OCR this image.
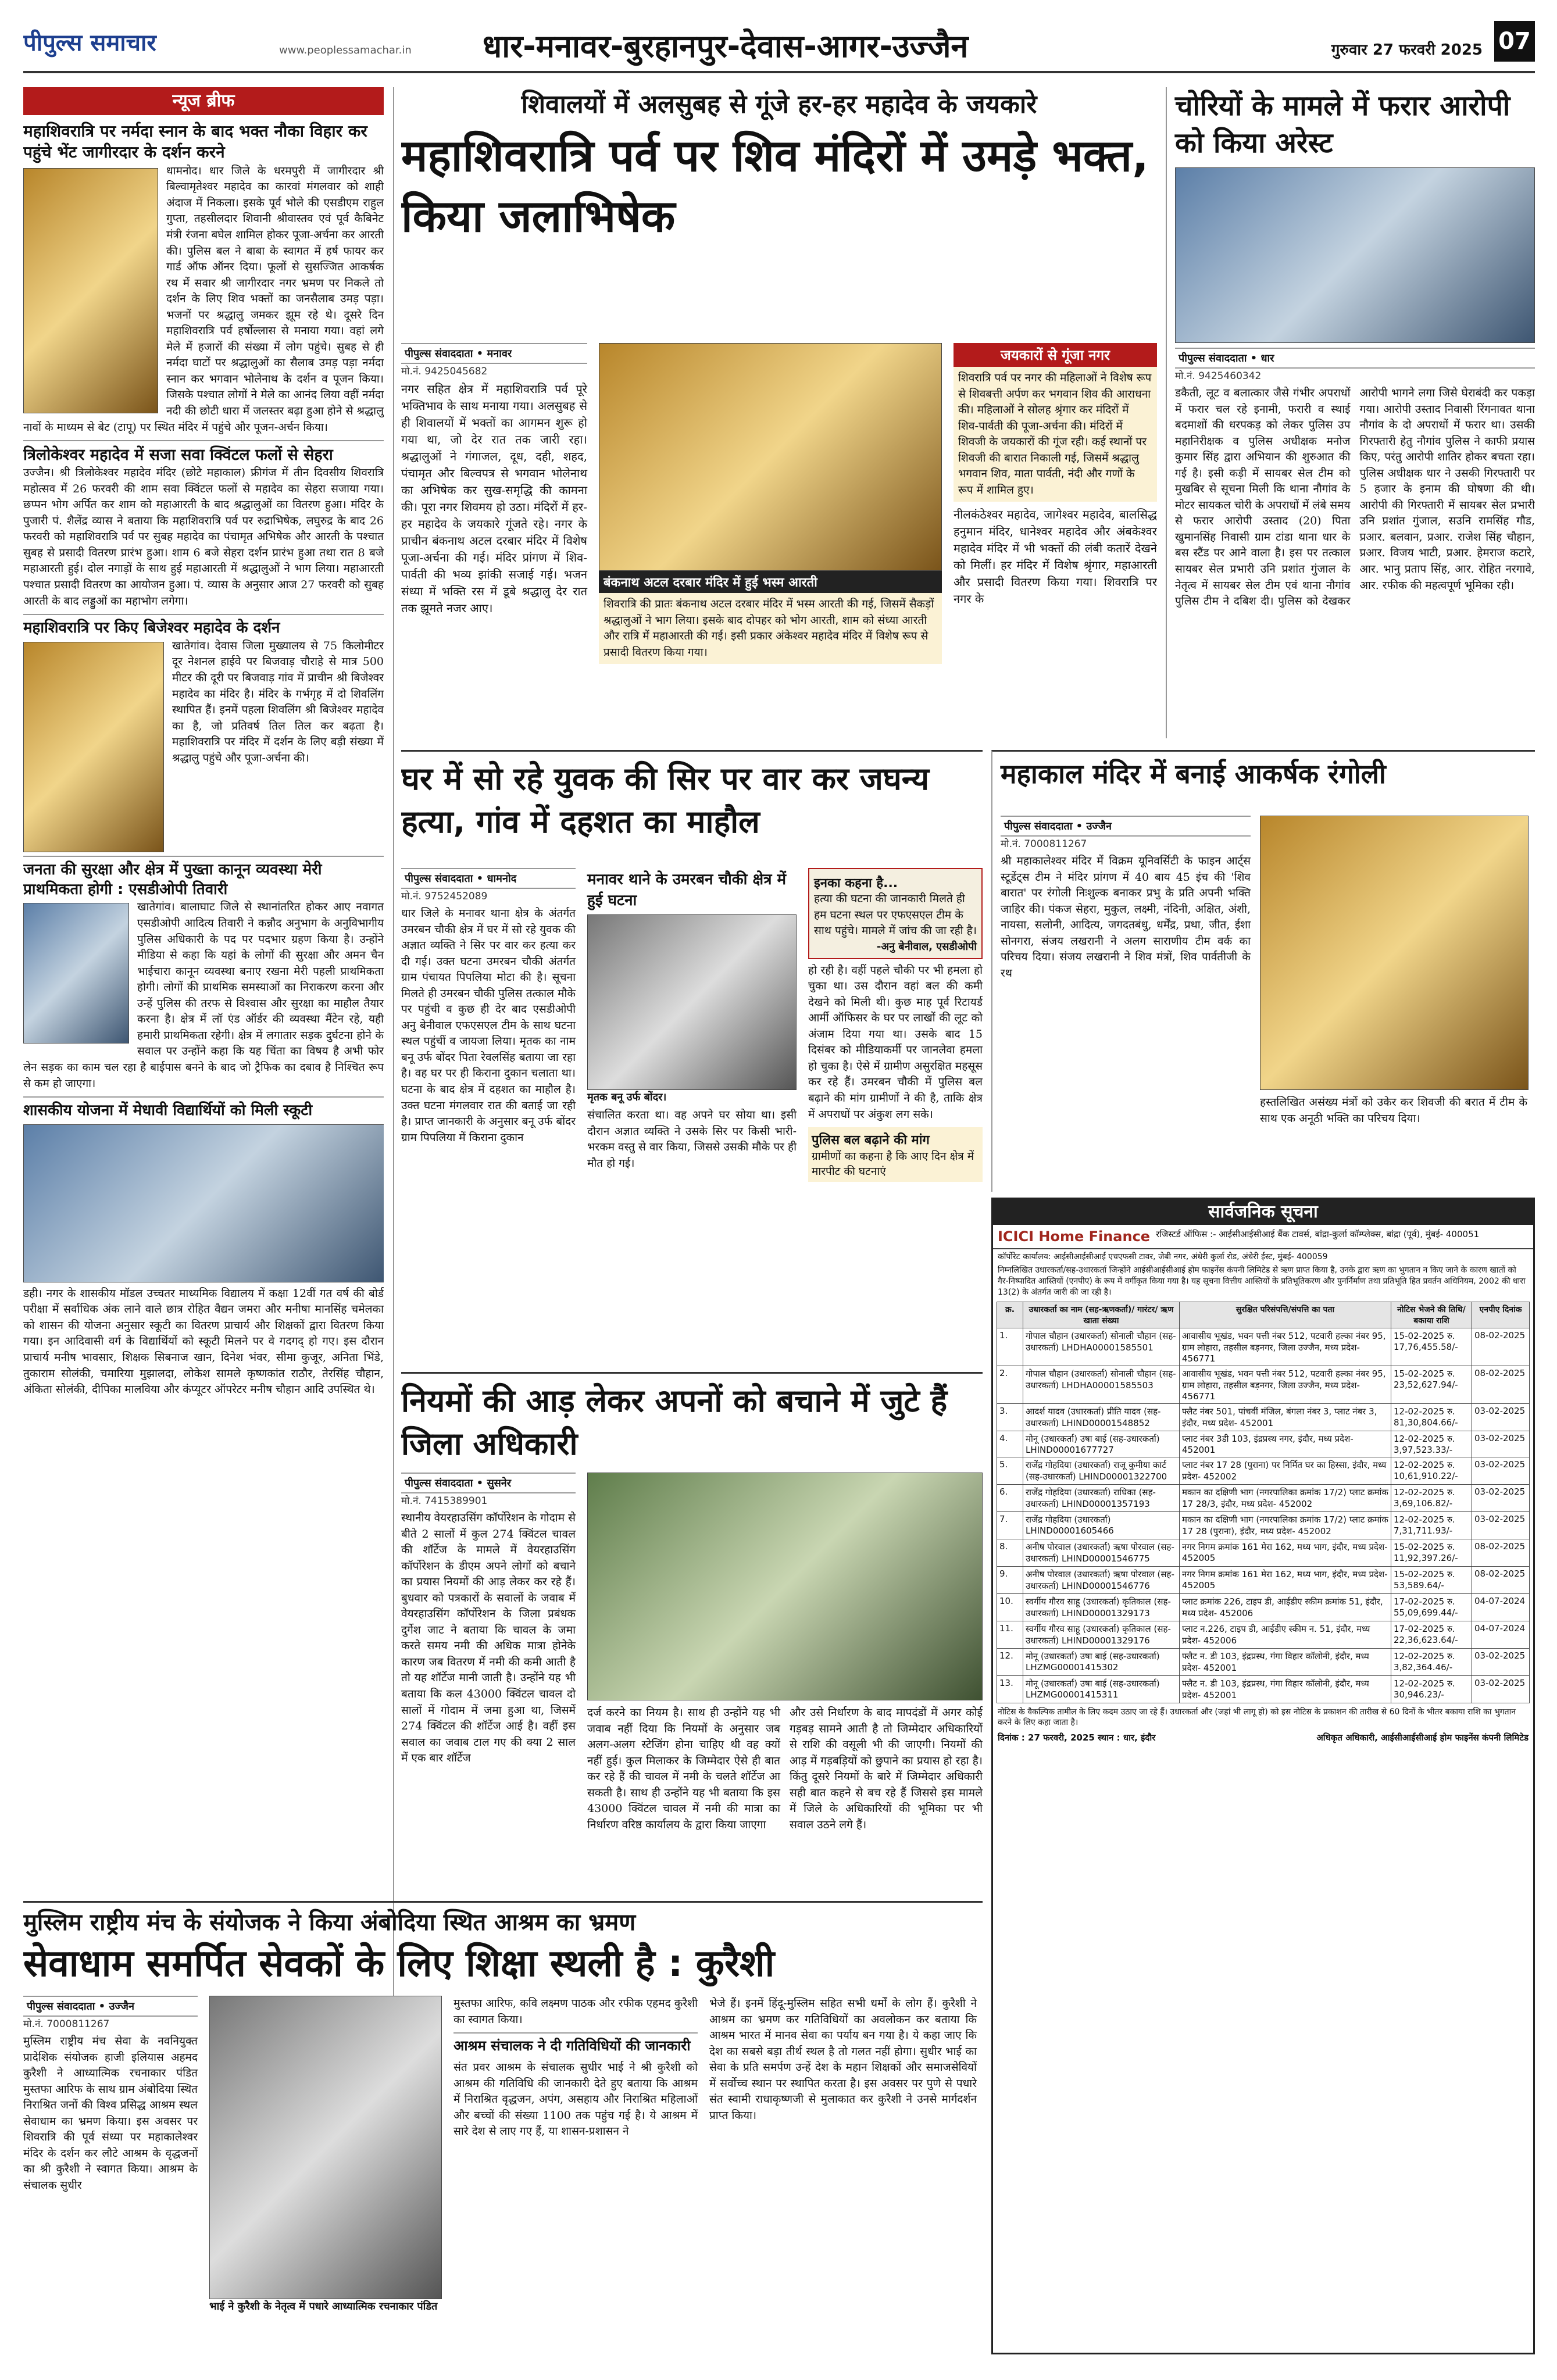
पीपुल्स समाचार	www.peoplessamachar.in धार-मनावर-बुरहानपुर-देवास-आगर-उज्जैन	गुरुवार 27 फरवरी 2025 07
न्यूज ब्रीफ
महाशिवरात्रि पर नर्मदा स्नान के बाद भक्त नौका विहार कर पहुंचे भेंट जागीरदार के दर्शन करने
धामनोद। धार जिले के धरमपुरी में जागीरदार श्री बिल्वामृतेश्वर महादेव का कारवां मंगलवार को शाही अंदाज में निकला। इसके पूर्व भोले की एसडीएम राहुल गुप्ता, तहसीलदार शिवानी श्रीवास्तव एवं पूर्व कैबिनेट मंत्री रंजना बघेल शामिल होकर पूजा-अर्चना कर आरती की। पुलिस बल ने बाबा के स्वागत में हर्ष फायर कर गार्ड ऑफ ऑनर दिया। फूलों से सुसज्जित आकर्षक रथ में सवार श्री जागीरदार नगर भ्रमण पर निकले तो दर्शन के लिए शिव भक्तों का जनसैलाब उमड़ पड़ा। भजनों पर श्रद्धालु जमकर झूम रहे थे। दूसरे दिन महाशिवरात्रि पर्व हर्षोल्लास से मनाया गया। वहां लगे मेले में हजारों की संख्या में लोग पहुंचे। सुबह से ही नर्मदा घाटों पर श्रद्धालुओं का सैलाब उमड़ पड़ा नर्मदा स्नान कर भगवान भोलेनाथ के दर्शन व पूजन किया। जिसके पश्चात लोगों ने मेले का आनंद लिया वहीं नर्मदा नदी की छोटी धारा में जलस्तर बढ़ा हुआ होने से श्रद्धालु नावों के माध्यम से बेट (टापू) पर स्थित मंदिर में पहुंचे और पूजन-अर्चन किया।
त्रिलोकेश्वर महादेव में सजा सवा क्विंटल फलों से सेहरा
उज्जैन। श्री त्रिलोकेश्वर महादेव मंदिर (छोटे महाकाल) फ्रीगंज में तीन दिवसीय शिवरात्रि महोत्सव में 26 फरवरी की शाम सवा क्विंटल फलों से महादेव का सेहरा सजाया गया। छप्पन भोग अर्पित कर शाम को महाआरती के बाद श्रद्धालुओं का वितरण हुआ। मंदिर के पुजारी पं. शैलेंद्र व्यास ने बताया कि महाशिवरात्रि पर्व पर रुद्राभिषेक, लघुरुद्र के बाद 26 फरवरी को महाशिवरात्रि पर्व पर सुबह महादेव का पंचामृत अभिषेक और आरती के पश्चात सुबह से प्रसादी वितरण प्रारंभ हुआ। शाम 6 बजे सेहरा दर्शन प्रारंभ हुआ तथा रात 8 बजे महाआरती हुई। दोल नगाड़ों के साथ हुई महाआरती में श्रद्धालुओं ने भाग लिया। महाआरती पश्चात प्रसादी वितरण का आयोजन हुआ। पं. व्यास के अनुसार आज 27 फरवरी को सुबह आरती के बाद लड्डुओं का महाभोग लगेगा।
महाशिवरात्रि पर किए बिजेश्वर महादेव के दर्शन
खातेगांव। देवास जिला मुख्यालय से 75 किलोमीटर दूर नेशनल हाईवे पर बिजवाड़ चौराहे से मात्र 500 मीटर की दूरी पर बिजवाड़ गांव में प्राचीन श्री बिजेश्वर महादेव का मंदिर है। मंदिर के गर्भगृह में दो शिवलिंग स्थापित हैं। इनमें पहला शिवलिंग श्री बिजेश्वर महादेव का है, जो प्रतिवर्ष तिल तिल कर बढ़ता है। महाशिवरात्रि पर मंदिर में दर्शन के लिए बड़ी संख्या में श्रद्धालु पहुंचे और पूजा-अर्चना की।
जनता की सुरक्षा और क्षेत्र में पुख्ता कानून व्यवस्था मेरी प्राथमिकता होगी : एसडीओपी तिवारी
खातेगांव। बालाघाट जिले से स्थानांतरित होकर आए नवागत एसडीओपी आदित्य तिवारी ने कन्नौद अनुभाग के अनुविभागीय पुलिस अधिकारी के पद पर पदभार ग्रहण किया है। उन्होंने मीडिया से कहा कि यहां के लोगों की सुरक्षा और अमन चैन भाईचारा कानून व्यवस्था बनाए रखना मेरी पहली प्राथमिकता होगी। लोगों की प्राथमिक समस्याओं का निराकरण करना और उन्हें पुलिस की तरफ से विश्वास और सुरक्षा का माहौल तैयार करना है। क्षेत्र में लॉ एंड ऑर्डर की व्यवस्था मैंटेन रहे, यही हमारी प्राथमिकता रहेगी। क्षेत्र में लगातार सड़क दुर्घटना होने के सवाल पर उन्होंने कहा कि यह चिंता का विषय है अभी फोर लेन सड़क का काम चल रहा है बाईपास बनने के बाद जो ट्रैफिक का दबाव है निश्चित रूप से कम हो जाएगा।
शासकीय योजना में मेधावी विद्यार्थियों को मिली स्कूटी
डही। नगर के शासकीय मॉडल उच्चतर माध्यमिक विद्यालय में कक्षा 12वीं गत वर्ष की बोर्ड परीक्षा में सर्वाधिक अंक लाने वाले छात्र रोहित वैद्यन जमरा और मनीषा मानसिंह चमेलका को शासन की योजना अनुसार स्कूटी का वितरण प्राचार्य और शिक्षकों द्वारा वितरण किया गया। इन आदिवासी वर्ग के विद्यार्थियों को स्कूटी मिलने पर वे गदगद् हो गए। इस दौरान प्राचार्य मनीष भावसार, शिक्षक सिबनाज खान, दिनेश भंवर, सीमा कुजूर, अनिता भिंडे, तुकाराम सोलंकी, चमारिया मुझालदा, लोकेश सामले कृष्णकांत राठौर, तेरसिंह चौहान, अंकिता सोलंकी, दीपिका मालविया और कंप्यूटर ऑपरेटर मनीष चौहान आदि उपस्थित थे।
शिवालयों में अलसुबह से गूंजे हर-हर महादेव के जयकारे
महाशिवरात्रि पर्व पर शिव मंदिरों में उमड़े भक्त, किया जलाभिषेक
पीपुल्स संवाददाता • मनावर
मो.नं. 9425045682
नगर सहित क्षेत्र में महाशिवरात्रि पर्व पूरे भक्तिभाव के साथ मनाया गया। अलसुबह से ही शिवालयों में भक्तों का आगमन शुरू हो गया था, जो देर रात तक जारी रहा। श्रद्धालुओं ने गंगाजल, दूध, दही, शहद, पंचामृत और बिल्वपत्र से भगवान भोलेनाथ का अभिषेक कर सुख-समृद्धि की कामना की। पूरा नगर शिवमय हो उठा। मंदिरों में हर-हर महादेव के जयकारे गूंजते रहे। नगर के प्राचीन बंकनाथ अटल दरबार मंदिर में विशेष पूजा-अर्चना की गई। मंदिर प्रांगण में शिव-पार्वती की भव्य झांकी सजाई गई। भजन संध्या में भक्ति रस में डूबे श्रद्धालु देर रात तक झूमते नजर आए।
बंकनाथ अटल दरबार मंदिर में हुई भस्म आरती
शिवरात्रि की प्रातः बंकनाथ अटल दरबार मंदिर में भस्म आरती की गई, जिसमें सैकड़ों श्रद्धालुओं ने भाग लिया। इसके बाद दोपहर को भोग आरती, शाम को संध्या आरती और रात्रि में महाआरती की गई। इसी प्रकार अंकेश्वर महादेव मंदिर में विशेष रूप से प्रसादी वितरण किया गया।
जयकारों से गूंजा नगर
शिवरात्रि पर्व पर नगर की महिलाओं ने विशेष रूप से शिवबत्ती अर्पण कर भगवान शिव की आराधना की। महिलाओं ने सोलह श्रृंगार कर मंदिरों में शिव-पार्वती की पूजा-अर्चना की। मंदिरों में शिवजी के जयकारों की गूंज रही। कई स्थानों पर शिवजी की बारात निकाली गई, जिसमें श्रद्धालु भगवान शिव, माता पार्वती, नंदी और गणों के रूप में शामिल हुए।
नीलकंठेश्वर महादेव, जागेश्वर महादेव, बालसिद्ध हनुमान मंदिर, धानेश्वर महादेव और अंबकेश्वर महादेव मंदिर में भी भक्तों की लंबी कतारें देखने को मिलीं। हर मंदिर में विशेष श्रृंगार, महाआरती और प्रसादी वितरण किया गया। शिवरात्रि पर नगर के
चोरियों के मामले में फरार आरोपी को किया अरेस्ट
पीपुल्स संवाददाता • धार
मो.नं. 9425460342
डकैती, लूट व बलात्कार जैसे गंभीर अपराधों में फरार चल रहे इनामी, फरारी व स्थाई बदमाशों की धरपकड़ को लेकर पुलिस उप महानिरीक्षक व पुलिस अधीक्षक मनोज कुमार सिंह द्वारा अभियान की शुरुआत की गई है। इसी कड़ी में सायबर सेल टीम को मुखबिर से सूचना मिली कि थाना नौगांव के मोटर सायकल चोरी के अपराधों में लंबे समय से फरार आरोपी उस्ताद (20) पिता खुमानसिंह निवासी ग्राम टांडा थाना धार के बस स्टैंड पर आने वाला है। इस पर तत्काल सायबर सेल प्रभारी उनि प्रशांत गुंजाल के नेतृत्व में सायबर सेल टीम एवं थाना नौगांव पुलिस टीम ने दबिश दी। पुलिस को देखकर आरोपी भागने लगा जिसे घेराबंदी कर पकड़ा गया। आरोपी उस्ताद निवासी रिंगनावत थाना नौगांव के दो अपराधों में फरार था। उसकी गिरफ्तारी हेतु नौगांव पुलिस ने काफी प्रयास किए, परंतु आरोपी शातिर होकर बचता रहा। पुलिस अधीक्षक धार ने उसकी गिरफ्तारी पर 5 हजार के इनाम की घोषणा की थी। आरोपी की गिरफ्तारी में सायबर सेल प्रभारी उनि प्रशांत गुंजाल, सउनि रामसिंह गौड, प्रआर. बलवान, प्रआर. राजेश सिंह चौहान, प्रआर. विजय भाटी, प्रआर. हेमराज कटारे, आर. भानु प्रताप सिंह, आर. रोहित नरगावे, आर. रफीक की महत्वपूर्ण भूमिका रही।
घर में सो रहे युवक की सिर पर वार कर जघन्य हत्या, गांव में दहशत का माहौल
पीपुल्स संवाददाता • धामनोद
मो.नं. 9752452089
धार जिले के मनावर थाना क्षेत्र के अंतर्गत उमरबन चौकी क्षेत्र में घर में सो रहे युवक की अज्ञात व्यक्ति ने सिर पर वार कर हत्या कर दी गई। उक्त घटना उमरबन चौकी अंतर्गत ग्राम पंचायत पिपलिया मोटा की है। सूचना मिलते ही उमरबन चौकी पुलिस तत्काल मौके पर पहुंची व कुछ ही देर बाद एसडीओपी अनु बेनीवाल एफएसएल टीम के साथ घटना स्थल पहुंचीं व जायजा लिया। मृतक का नाम बनू उर्फ बोंदर पिता रेवलसिंह बताया जा रहा है। वह घर पर ही किराना दुकान चलाता था। घटना के बाद क्षेत्र में दहशत का माहौल है। उक्त घटना मंगलवार रात की बताई जा रही है। प्राप्त जानकारी के अनुसार बनू उर्फ बोंदर ग्राम पिपलिया में किराना दुकान
मनावर थाने के उमरबन चौकी क्षेत्र में हुई घटना
मृतक बनू उर्फ बोंदर।
संचालित करता था। वह अपने घर सोया था। इसी दौरान अज्ञात व्यक्ति ने उसके सिर पर किसी भारी-भरकम वस्तु से वार किया, जिससे उसकी मौके पर ही मौत हो गई।
इनका कहना है...
हत्या की घटना की जानकारी मिलते ही हम घटना स्थल पर एफएसएल टीम के साथ पहुंचे। मामले में जांच की जा रही है।
-अनु बेनीवाल, एसडीओपी
हो रही है। वहीं पहले चौकी पर भी हमला हो चुका था। उस दौरान वहां बल की कमी देखने को मिली थी। कुछ माह पूर्व रिटायर्ड आर्मी ऑफिसर के घर पर लाखों की लूट को अंजाम दिया गया था। उसके बाद 15 दिसंबर को मीडियाकर्मी पर जानलेवा हमला हो चुका है। ऐसे में ग्रामीण असुरक्षित महसूस कर रहे हैं। उमरबन चौकी में पुलिस बल बढ़ाने की मांग ग्रामीणों ने की है, ताकि क्षेत्र में अपराधों पर अंकुश लग सके।
पुलिस बल बढ़ाने की मांग
ग्रामीणों का कहना है कि आए दिन क्षेत्र में मारपीट की घटनाएं
महाकाल मंदिर में बनाई आकर्षक रंगोली
पीपुल्स संवाददाता • उज्जैन
मो.नं. 7000811267
श्री महाकालेश्वर मंदिर में विक्रम यूनिवर्सिटी के फाइन आर्ट्स स्टूडेंट्स टीम ने मंदिर प्रांगण में 40 बाय 45 इंच की 'शिव बारात' पर रंगोली निःशुल्क बनाकर प्रभु के प्रति अपनी भक्ति जाहिर की। पंकज सेहरा, मुकुल, लक्ष्मी, नंदिनी, अक्षित, अंशी, नायसा, सलोनी, आदित्य, जगदतबंधु, धर्मेंद्र, प्रथा, जीत, ईशा सोनगरा, संजय लखरानी ने अलग साराणीय टीम वर्क का परिचय दिया। संजय लखरानी ने शिव मंत्रों, शिव पार्वतीजी के रथ
हस्तलिखित असंख्य मंत्रों को उकेर कर शिवजी की बरात में टीम के साथ एक अनूठी भक्ति का परिचय दिया।
नियमों की आड़ लेकर अपनों को बचाने में जुटे हैं जिला अधिकारी
पीपुल्स संवाददाता • सुसनेर
मो.नं. 7415389901
स्थानीय वेयरहाउसिंग कॉर्पोरेशन के गोदाम से बीते 2 सालों में कुल 274 क्विंटल चावल की शॉर्टेज के मामले में वेयरहाउसिंग कॉर्पोरेशन के डीएम अपने लोगों को बचाने का प्रयास नियमों की आड़ लेकर कर रहे हैं। बुधवार को पत्रकारों के सवालों के जवाब में वेयरहाउसिंग कॉर्पोरेशन के जिला प्रबंधक दुर्गेश जाट ने बताया कि चावल के जमा करते समय नमी की अधिक मात्रा होनेके कारण जब वितरण में नमी की कमी आती है तो यह शॉर्टेज मानी जाती है। उन्होंने यह भी बताया कि कल 43000 क्विंटल चावल दो सालों में गोदाम में जमा हुआ था, जिसमें 274 क्विंटल की शॉर्टेज आई है। वहीं इस सवाल का जवाब टाल गए की क्या 2 साल में एक बार शॉर्टेज
दर्ज करने का नियम है। साथ ही उन्होंने यह भी जवाब नहीं दिया कि नियमों के अनुसार जब अलग-अलग स्टेजिंग होना चाहिए थी वह क्यों नहीं हुई। कुल मिलाकर के जिम्मेदार ऐसे ही बात कर रहे हैं की चावल में नमी के चलते शॉर्टेज आ सकती है। साथ ही उन्होंने यह भी बताया कि इस 43000 क्विंटल चावल में नमी की मात्रा का निर्धारण वरिष्ठ कार्यालय के द्वारा किया जाएगा
और उसे निर्धारण के बाद मापदंडों में अगर कोई गड़बड़ सामने आती है तो जिम्मेदार अधिकारियों से राशि की वसूली भी की जाएगी। नियमों की आड़ में गड़बड़ियों को छुपाने का प्रयास हो रहा है। किंतु दूसरे नियमों के बारे में जिम्मेदार अधिकारी सही बात कहने से बच रहे हैं जिससे इस मामले में जिले के अधिकारियों की भूमिका पर भी सवाल उठने लगे हैं।
मुस्लिम राष्ट्रीय मंच के संयोजक ने किया अंबोदिया स्थित आश्रम का भ्रमण
सेवाधाम समर्पित सेवकों के लिए शिक्षा स्थली है : कुरैशी
पीपुल्स संवाददाता • उज्जैन
मो.नं. 7000811267
मुस्लिम राष्ट्रीय मंच सेवा के नवनियुक्त प्रादेशिक संयोजक हाजी इलियास अहमद कुरैशी ने आध्यात्मिक रचनाकार पंडित मुस्तफा आरिफ के साथ ग्राम अंबोदिया स्थित निराश्रित जनों की विश्व प्रसिद्ध आश्रम स्थल सेवाधाम का भ्रमण किया। इस अवसर पर शिवरात्रि की पूर्व संध्या पर महाकालेश्वर मंदिर के दर्शन कर लौटे आश्रम के वृद्धजनों का श्री कुरैशी ने स्वागत किया। आश्रम के संचालक सुधीर
भाई ने कुरैशी के नेतृत्व में पधारे आध्यात्मिक रचनाकार पंडित
मुस्तफा आरिफ, कवि लक्ष्मण पाठक और रफीक एहमद कुरैशी का स्वागत किया।
आश्रम संचालक ने दी गतिविधियों की जानकारी
संत प्रवर आश्रम के संचालक सुधीर भाई ने श्री कुरैशी को आश्रम की गतिविधि की जानकारी देते हुए बताया कि आश्रम में निराश्रित वृद्धजन, अपंग, असहाय और निराश्रित महिलाओं और बच्चों की संख्या 1100 तक पहुंच गई है। ये आश्रम में सारे देश से लाए गए हैं, या शासन-प्रशासन ने
भेजे हैं। इनमें हिंदू-मुस्लिम सहित सभी धर्मों के लोग हैं। कुरैशी ने आश्रम का भ्रमण कर गतिविधियों का अवलोकन कर बताया कि आश्रम भारत में मानव सेवा का पर्याय बन गया है। ये कहा जाए कि देश का सबसे बड़ा तीर्थ स्थल है तो गलत नहीं होगा। सुधीर भाई का सेवा के प्रति समर्पण उन्हें देश के महान शिक्षकों और समाजसेवियों में सर्वोच्च स्थान पर स्थापित करता है। इस अवसर पर पुणे से पधारे संत स्वामी राधाकृष्णजी से मुलाकात कर कुरैशी ने उनसे मार्गदर्शन प्राप्त किया।
सार्वजनिक सूचना
ICICI Home Finance रजिस्टर्ड ऑफिस :- आईसीआईसीआई बैंक टावर्स, बांद्रा-कुर्ला कॉम्प्लेक्स, बांद्रा (पूर्व), मुंबई- 400051
कॉर्पोरेट कार्यालय: आईसीआईसीआई एचएफसी टावर, जेबी नगर, अंधेरी कुर्ला रोड, अंधेरी ईस्ट, मुंबई- 400059
निम्नलिखित उधारकर्ता/सह-उधारकर्ता जिन्होंने आईसीआईसीआई होम फाइनेंस कंपनी लिमिटेड से ऋण प्राप्त किया है, उनके द्वारा ऋण का भुगतान न किए जाने के कारण खातों को गैर-निष्पादित आस्तियों (एनपीए) के रूप में वर्गीकृत किया गया है। यह सूचना वित्तीय आस्तियों के प्रतिभूतिकरण और पुनर्निर्माण तथा प्रतिभूति हित प्रवर्तन अधिनियम, 2002 की धारा 13(2) के अंतर्गत जारी की जा रही है।
क्र.	उधारकर्ता का नाम (सह-ऋणकर्ता)/ गारंटर/ ऋण खाता संख्या	सुरक्षित परिसंपत्ति/संपत्ति का पता	नोटिस भेजने की तिथि/ बकाया राशि	एनपीए दिनांक
1.	गोपाल चौहान (उधारकर्ता) सोनाली चौहान (सह-उधारकर्ता) LHDHA00001585501	आवासीय भूखंड, भवन पत्ती नंबर 512, पटवारी हल्का नंबर 95, ग्राम लोहारा, तहसील बड़नगर, जिला उज्जैन, मध्य प्रदेश- 456771	15-02-2025 रु. 17,76,455.58/-	08-02-2025
2.	गोपाल चौहान (उधारकर्ता) सोनाली चौहान (सह-उधारकर्ता) LHDHA00001585503	आवासीय भूखंड, भवन पत्ती नंबर 512, पटवारी हल्का नंबर 95, ग्राम लोहारा, तहसील बड़नगर, जिला उज्जैन, मध्य प्रदेश- 456771	15-02-2025 रु. 23,52,627.94/-	08-02-2025
3.	आदर्श यादव (उधारकर्ता) प्रीति यादव (सह-उधारकर्ता) LHIND00001548852	फ्लैट नंबर 501, पांचवीं मंजिल, बंगला नंबर 3, प्लाट नंबर 3, इंदौर, मध्य प्रदेश- 452001	12-02-2025 रु. 81,30,804.66/-	03-02-2025
4.	मोनू (उधारकर्ता) उषा बाई (सह-उधारकर्ता) LHIND00001677727	प्लाट नंबर 3डी 103, इंद्रप्रस्थ नगर, इंदौर, मध्य प्रदेश- 452001	12-02-2025 रु. 3,97,523.33/-	03-02-2025
5.	राजेंद्र गोहदिया (उधारकर्ता) राजू कुमीया कार्ट (सह-उधारकर्ता) LHIND00001322700	प्लाट नंबर 17 28 (पुराना) पर निर्मित घर का हिस्सा, इंदौर, मध्य प्रदेश- 452002	12-02-2025 रु. 10,61,910.22/-	03-02-2025
6.	राजेंद्र गोहदिया (उधारकर्ता) राधिका (सह-उधारकर्ता) LHIND00001357193	मकान का दक्षिणी भाग (नगरपालिका क्रमांक 17/2) प्लाट क्रमांक 17 28/3, इंदौर, मध्य प्रदेश- 452002	12-02-2025 रु. 3,69,106.82/-	03-02-2025
7.	राजेंद्र गोहदिया (उधारकर्ता) LHIND00001605466	मकान का दक्षिणी भाग (नगरपालिका क्रमांक 17/2) प्लाट क्रमांक 17 28 (पुराना), इंदौर, मध्य प्रदेश- 452002	12-02-2025 रु. 7,31,711.93/-	03-02-2025
8.	अनीष पोरवाल (उधारकर्ता) ऋषा पोरवाल (सह-उधारकर्ता) LHIND00001546775	नगर निगम क्रमांक 161 मेरा 162, मध्य भाग, इंदौर, मध्य प्रदेश- 452005	15-02-2025 रु. 11,92,397.26/-	08-02-2025
9.	अनीष पोरवाल (उधारकर्ता) ऋषा पोरवाल (सह-उधारकर्ता) LHIND00001546776	नगर निगम क्रमांक 161 मेरा 162, मध्य भाग, इंदौर, मध्य प्रदेश- 452005	15-02-2025 रु. 53,589.64/-	08-02-2025
10.	स्वर्गीय गौरव साहू (उधारकर्ता) कृतिकाल (सह-उधारकर्ता) LHIND00001329173	प्लाट क्रमांक 226, टाइप डी, आईडीए स्कीम क्रमांक 51, इंदौर, मध्य प्रदेश- 452006	17-02-2025 रु. 55,09,699.44/-	04-07-2024
11.	स्वर्गीय गौरव साहू (उधारकर्ता) कृतिकाल (सह-उधारकर्ता) LHIND00001329176	प्लाट न.226, टाइप डी, आईडीए स्कीम न. 51, इंदौर, मध्य प्रदेश- 452006	17-02-2025 रु. 22,36,623.64/-	04-07-2024
12.	मोनू (उधारकर्ता) उषा बाई (सह-उधारकर्ता) LHZMG00001415302	फ्लैट न. डी 103, इंद्रप्रस्थ, गंगा विहार कॉलोनी, इंदौर, मध्य प्रदेश- 452001	12-02-2025 रु. 3,82,364.46/-	03-02-2025
13.	मोनू (उधारकर्ता) उषा बाई (सह-उधारकर्ता) LHZMG00001415311	फ्लैट न. डी 103, इंद्रप्रस्थ, गंगा विहार कॉलोनी, इंदौर, मध्य प्रदेश- 452001	12-02-2025 रु. 30,946.23/-	03-02-2025
नोटिस के वैकल्पिक तामील के लिए कदम उठाए जा रहे हैं। उधारकर्ता और (जहां भी लागू हो) को इस नोटिस के प्रकाशन की तारीख से 60 दिनों के भीतर बकाया राशि का भुगतान करने के लिए कहा जाता है।
दिनांक : 27 फरवरी, 2025 स्थान : धार, इंदौर	अधिकृत अधिकारी, आईसीआईसीआई होम फाइनेंस कंपनी लिमिटेड
